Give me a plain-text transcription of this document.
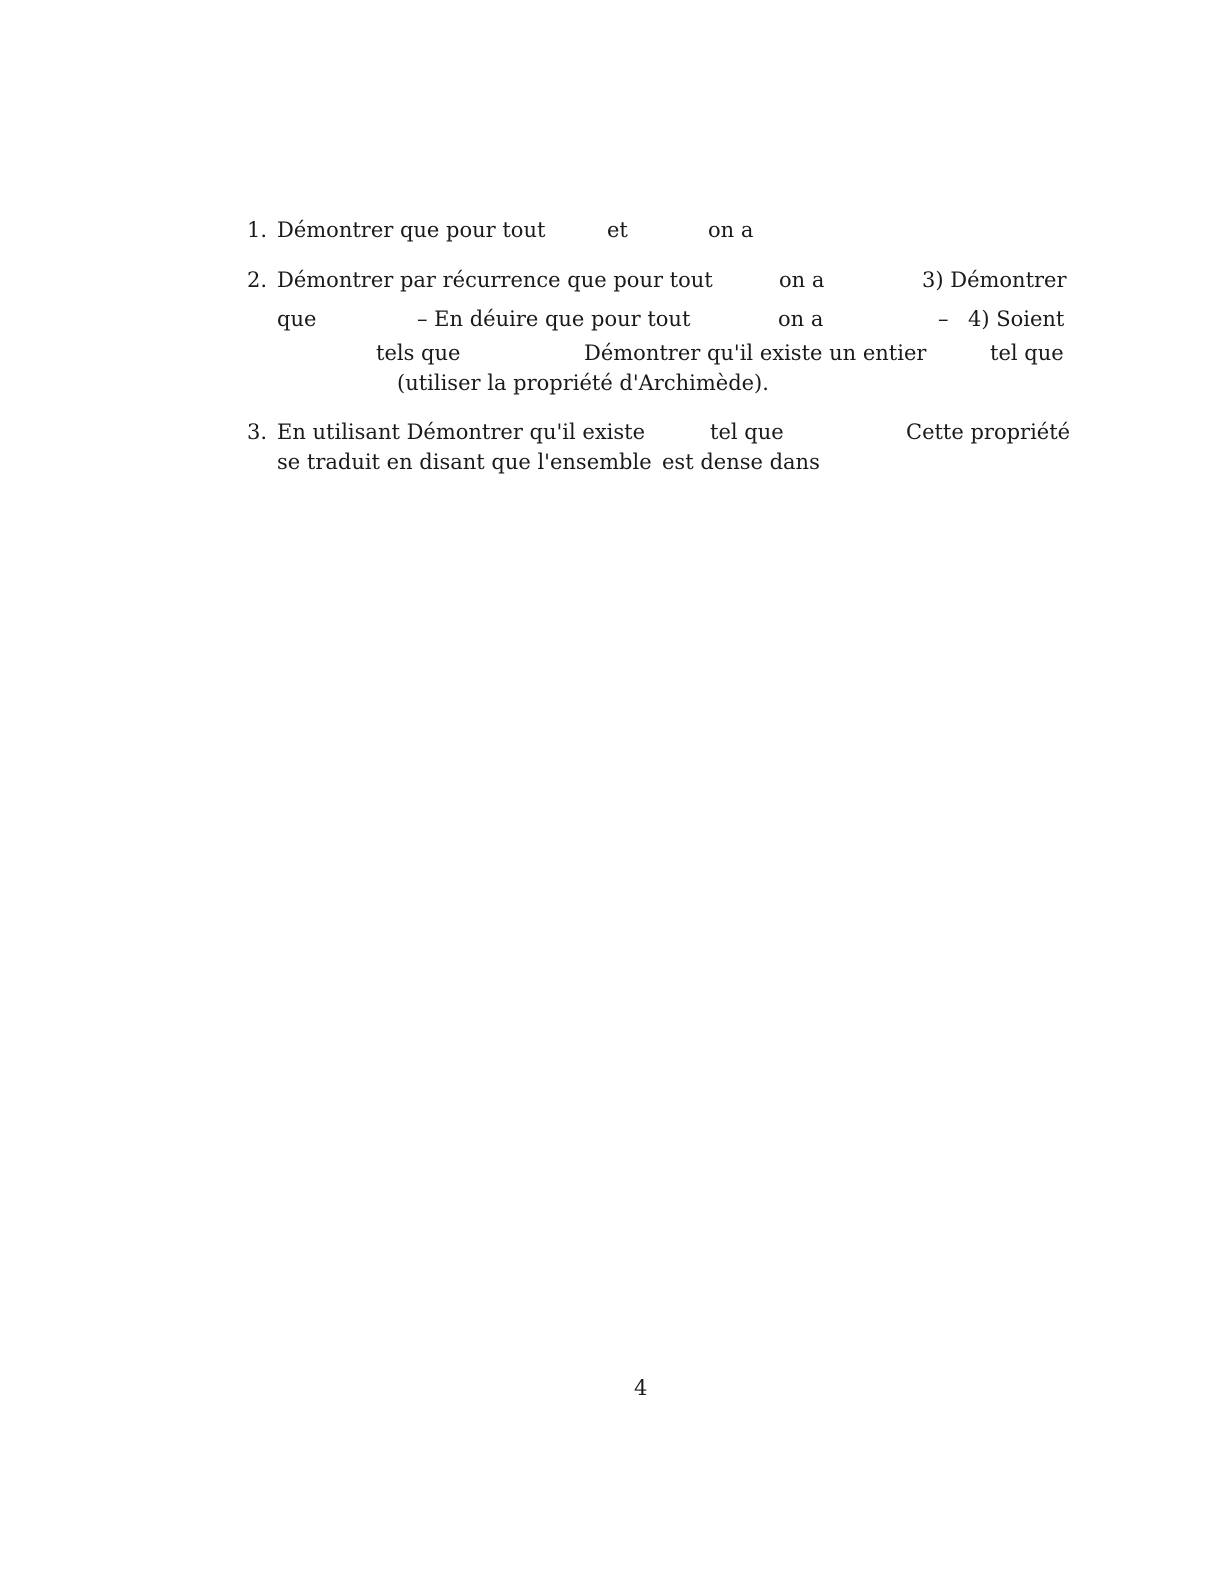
1. Démontrer que pour tout	et	on a
2. Démontrer par récurrence que pour tout	on a	3) Démontrer
que	– En déuire que pour tout	on a	– 4) Soient
tels que	Démontrer qu'il existe un entier	tel que
(utiliser la propriété d'Archimède).
3. En utilisant Démontrer qu'il existe	tel que	Cette propriété
se traduit en disant que l'ensemble est dense dans
4
